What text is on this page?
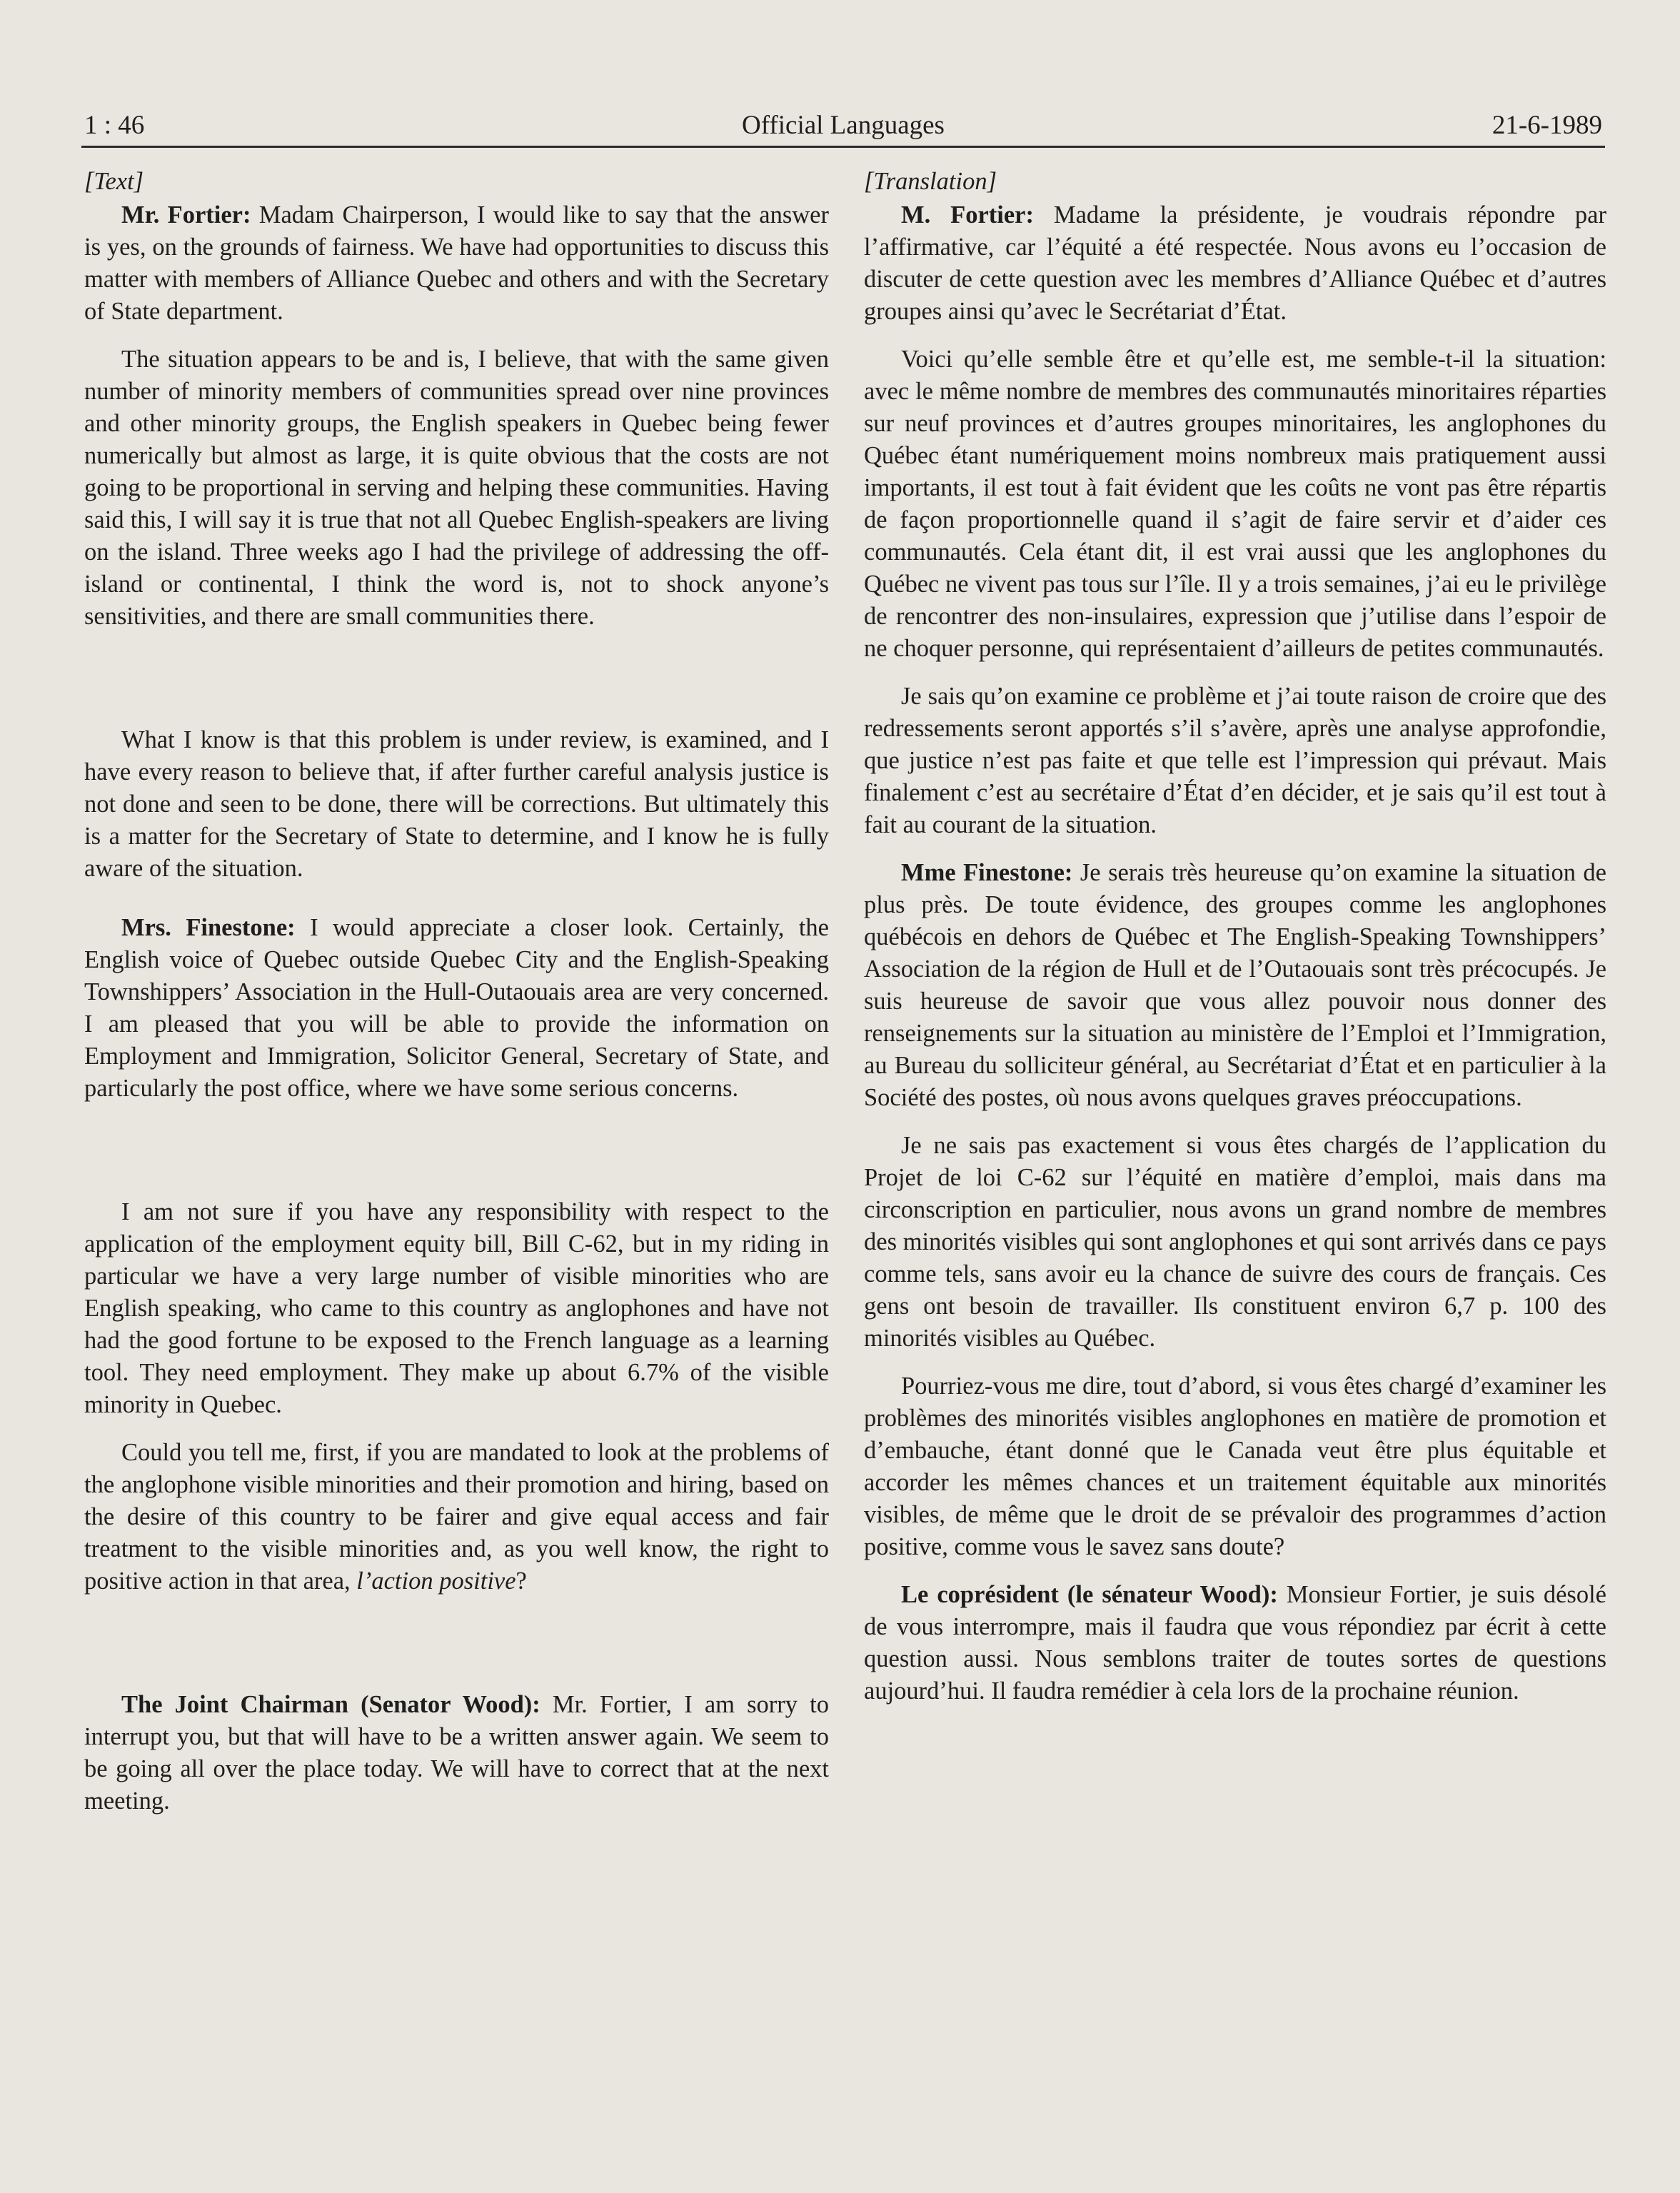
1 : 46	Official Languages	21-6-1989
[Text]

Mr. Fortier: Madam Chairperson, I would like to say that the answer is yes, on the grounds of fairness. We have had opportunities to discuss this matter with members of Alliance Quebec and others and with the Secretary of State department.

The situation appears to be and is, I believe, that with the same given number of minority members of communities spread over nine provinces and other minority groups, the English speakers in Quebec being fewer numerically but almost as large, it is quite obvious that the costs are not going to be proportional in serving and helping these communities. Having said this, I will say it is true that not all Quebec English-speakers are living on the island. Three weeks ago I had the privilege of addressing the off-island or continental, I think the word is, not to shock anyone’s sensitivities, and there are small communities there.

What I know is that this problem is under review, is examined, and I have every reason to believe that, if after further careful analysis justice is not done and seen to be done, there will be corrections. But ultimately this is a matter for the Secretary of State to determine, and I know he is fully aware of the situation.

Mrs. Finestone: I would appreciate a closer look. Certainly, the English voice of Quebec outside Quebec City and the English-Speaking Townshippers’ Association in the Hull-Outaouais area are very concerned. I am pleased that you will be able to provide the information on Employment and Immigration, Solicitor General, Secretary of State, and particularly the post office, where we have some serious concerns.

I am not sure if you have any responsibility with respect to the application of the employment equity bill, Bill C-62, but in my riding in particular we have a very large number of visible minorities who are English speaking, who came to this country as anglophones and have not had the good fortune to be exposed to the French language as a learning tool. They need employment. They make up about 6.7% of the visible minority in Quebec.

Could you tell me, first, if you are mandated to look at the problems of the anglophone visible minorities and their promotion and hiring, based on the desire of this country to be fairer and give equal access and fair treatment to the visible minorities and, as you well know, the right to positive action in that area, l’action positive?

The Joint Chairman (Senator Wood): Mr. Fortier, I am sorry to interrupt you, but that will have to be a written answer again. We seem to be going all over the place today. We will have to correct that at the next meeting.

[Translation]

M. Fortier: Madame la présidente, je voudrais répondre par l’affirmative, car l’équité a été respectée. Nous avons eu l’occasion de discuter de cette question avec les membres d’Alliance Québec et d’autres groupes ainsi qu’avec le Secrétariat d’État.

Voici qu’elle semble être et qu’elle est, me semble-t-il la situation: avec le même nombre de membres des communautés minoritaires réparties sur neuf provinces et d’autres groupes minoritaires, les anglophones du Québec étant numériquement moins nombreux mais pratiquement aussi importants, il est tout à fait évident que les coûts ne vont pas être répartis de façon proportionnelle quand il s’agit de faire servir et d’aider ces communautés. Cela étant dit, il est vrai aussi que les anglophones du Québec ne vivent pas tous sur l’île. Il y a trois semaines, j’ai eu le privilège de rencontrer des non-insulaires, expression que j’utilise dans l’espoir de ne choquer personne, qui représentaient d’ailleurs de petites communautés.

Je sais qu’on examine ce problème et j’ai toute raison de croire que des redressements seront apportés s’il s’avère, après une analyse approfondie, que justice n’est pas faite et que telle est l’impression qui prévaut. Mais finalement c’est au secrétaire d’État d’en décider, et je sais qu’il est tout à fait au courant de la situation.

Mme Finestone: Je serais très heureuse qu’on examine la situation de plus près. De toute évidence, des groupes comme les anglophones québécois en dehors de Québec et The English-Speaking Townshippers’ Association de la région de Hull et de l’Outaouais sont très précocupés. Je suis heureuse de savoir que vous allez pouvoir nous donner des renseignements sur la situation au ministère de l’Emploi et l’Immigration, au Bureau du solliciteur général, au Secrétariat d’État et en particulier à la Société des postes, où nous avons quelques graves préoccupations.

Je ne sais pas exactement si vous êtes chargés de l’application du Projet de loi C-62 sur l’équité en matière d’emploi, mais dans ma circonscription en particulier, nous avons un grand nombre de membres des minorités visibles qui sont anglophones et qui sont arrivés dans ce pays comme tels, sans avoir eu la chance de suivre des cours de français. Ces gens ont besoin de travailler. Ils constituent environ 6,7 p. 100 des minorités visibles au Québec.

Pourriez-vous me dire, tout d’abord, si vous êtes chargé d’examiner les problèmes des minorités visibles anglophones en matière de promotion et d’embauche, étant donné que le Canada veut être plus équitable et accorder les mêmes chances et un traitement équitable aux minorités visibles, de même que le droit de se prévaloir des programmes d’action positive, comme vous le savez sans doute?

Le coprésident (le sénateur Wood): Monsieur Fortier, je suis désolé de vous interrompre, mais il faudra que vous répondiez par écrit à cette question aussi. Nous semblons traiter de toutes sortes de questions aujourd’hui. Il faudra remédier à cela lors de la prochaine réunion.
